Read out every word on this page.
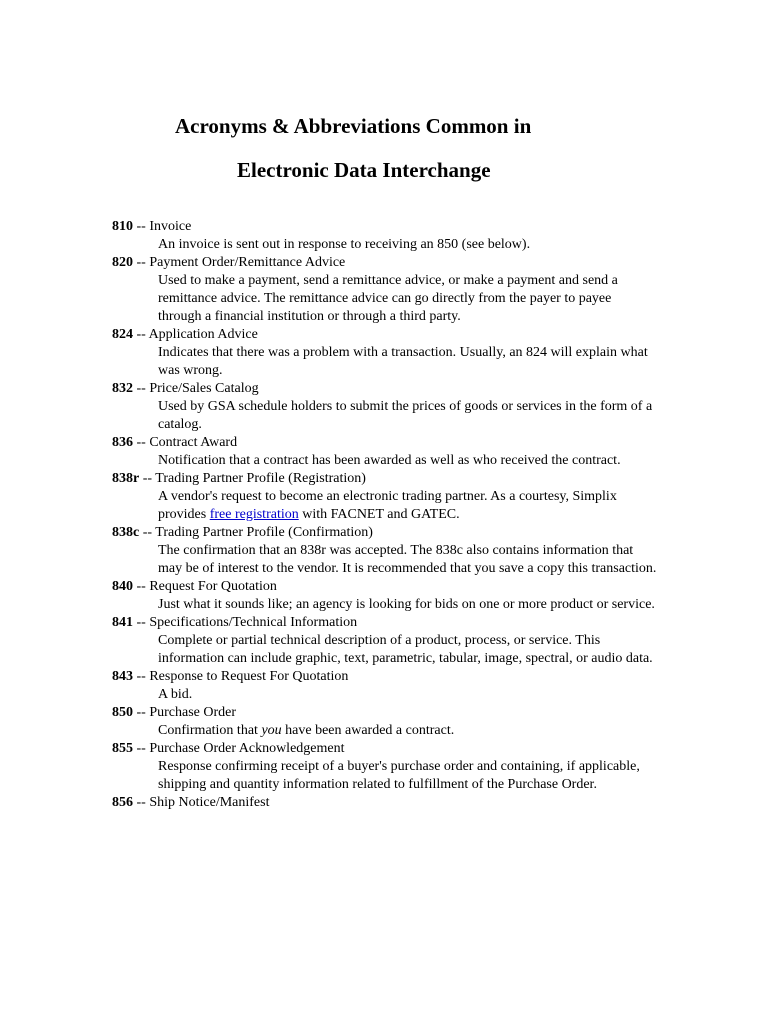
Acronyms & Abbreviations Common in
Electronic Data Interchange
810 -- Invoice
An invoice is sent out in response to receiving an 850 (see below).
820 -- Payment Order/Remittance Advice
Used to make a payment, send a remittance advice, or make a payment and send a remittance advice. The remittance advice can go directly from the payer to payee through a financial institution or through a third party.
824 -- Application Advice
Indicates that there was a problem with a transaction. Usually, an 824 will explain what was wrong.
832 -- Price/Sales Catalog
Used by GSA schedule holders to submit the prices of goods or services in the form of a catalog.
836 -- Contract Award
Notification that a contract has been awarded as well as who received the contract.
838r -- Trading Partner Profile (Registration)
A vendor's request to become an electronic trading partner. As a courtesy, Simplix provides free registration with FACNET and GATEC.
838c -- Trading Partner Profile (Confirmation)
The confirmation that an 838r was accepted. The 838c also contains information that may be of interest to the vendor. It is recommended that you save a copy this transaction.
840 -- Request For Quotation
Just what it sounds like; an agency is looking for bids on one or more product or service.
841 -- Specifications/Technical Information
Complete or partial technical description of a product, process, or service. This information can include graphic, text, parametric, tabular, image, spectral, or audio data.
843 -- Response to Request For Quotation
A bid.
850 -- Purchase Order
Confirmation that you have been awarded a contract.
855 -- Purchase Order Acknowledgement
Response confirming receipt of a buyer's purchase order and containing, if applicable, shipping and quantity information related to fulfillment of the Purchase Order.
856 -- Ship Notice/Manifest
